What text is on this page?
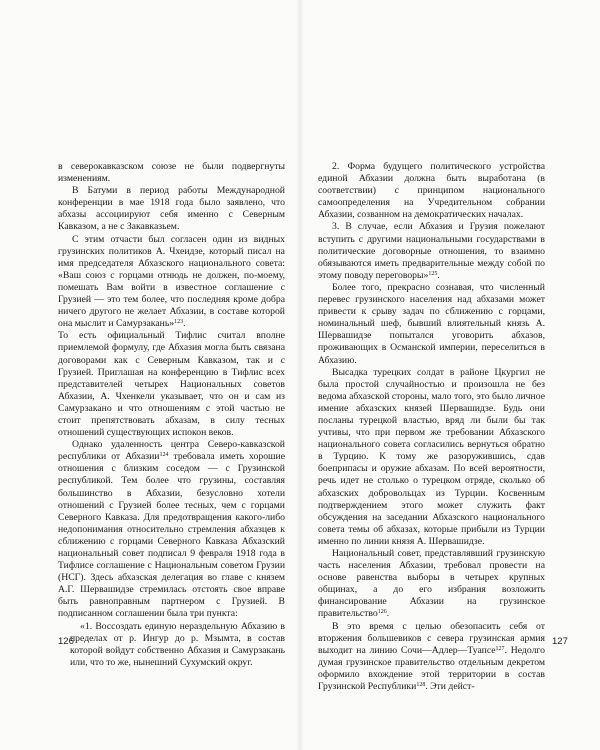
в северокавказском союзе не были подвергнуты изменениям.

В Батуми в период работы Международной конференции в мае 1918 года было заявлено, что абхазы ассоциируют себя именно с Северным Кавказом, а не с Закавказьем.

С этим отчасти был согласен один из видных грузинских политиков А. Чхеидзе, который писал на имя председателя Абхазского национального совета: «Ваш союз с горцами отнюдь не должен, по-моему, помешать Вам войти в известное соглашение с Грузией — это тем более, что последняя кроме добра ничего другого не желает Абхазии, в составе которой она мыслит и Самурзакань»$^{123}$.

То есть официальный Тифлис считал вполне приемлемой формулу, где Абхазия могла быть связана договорами как с Северным Кавказом, так и с Грузией. Приглашая на конференцию в Тифлис всех представителей четырех Национальных советов Абхазии, А. Чхенкели указывает, что он и сам из Самурзакано и что отношениям с этой частью не стоит препятствовать абхазам, в силу тесных отношений существующих испокон веков.

Однако удаленность центра Северо-кавказской республики от Абхазии$^{124}$ требовала иметь хорошие отношения с близким соседом — с Грузинской республикой. Тем более что грузины, составляя большинство в Абхазии, безусловно хотели отношений с Грузией более тесных, чем с горцами Северного Кавказа. Для предотвращения какого-либо недопонимания относительно стремления абхазцев к сближению с горцами Северного Кавказа Абхазский национальный совет подписал 9 февраля 1918 года в Тифлисе соглашение с Национальным советом Грузии (НСГ). Здесь абхазская делегация во главе с князем А.Г. Шервашидзе стремилась отстоять свое вправе быть равноправным партнером с Грузией. В подписанном соглашении была три пункта:

«1. Воссоздать единую нераздельную Абхазию в пределах от р. Ингур до р. Мзымта, в состав которой войдут собственно Абхазия и Самурзакань или, что то же, нынешний Сухумский округ.

126

2. Форма будущего политического устройства единой Абхазии должна быть выработана (в соответствии) с принципом национального самоопределения на Учредительном собрании Абхазии, созванном на демократических началах.

3. В случае, если Абхазия и Грузия пожелают вступить с другими национальными государствами в политические договорные отношения, то взаимно обязываются иметь предварительные между собой по этому поводу переговоры»$^{125}$.

Более того, прекрасно сознавая, что численный перевес грузинского населения над абхазами может привести к срыву задач по сближению с горцами, номинальный шеф, бывший влиятельный князь А. Шервашидзе попытался уговорить абхазов, проживающих в Османской империи, переселиться в Абхазию.

Высадка турецких солдат в районе Цкургил не была простой случайностью и произошла не без ведома абхазской стороны, мало того, это было личное имение абхазских князей Шервашидзе. Будь они посланы турецкой властью, вряд ли были бы так учтивы, что при первом же требовании Абхазского национального совета согласились вернуться обратно в Турцию. К тому же разоружившись, сдав боеприпасы и оружие абхазам. По всей вероятности, речь идет не столько о турецком отряде, сколько об абхазских добровольцах из Турции. Косвенным подтверждением этого может служить факт обсуждения на заседании Абхазского национального совета темы об абхазах, которые прибыли из Турции именно по линии князя А. Шервашидзе.

Национальный совет, представлявший грузинскую часть населения Абхазии, требовал провести на основе равенства выборы в четырех крупных общинах, а до его избрания возложить финансирование Абхазии на грузинское правительство$^{126}$.

В это время с целью обезопасить себя от вторжения большевиков с севера грузинская армия выходит на линию Сочи—Адлер—Туапсе$^{127}$. Недолго думая грузинское правительство отдельным декретом оформило вхождение этой территории в состав Грузинской Республики$^{128}$. Эти дейст-

127
